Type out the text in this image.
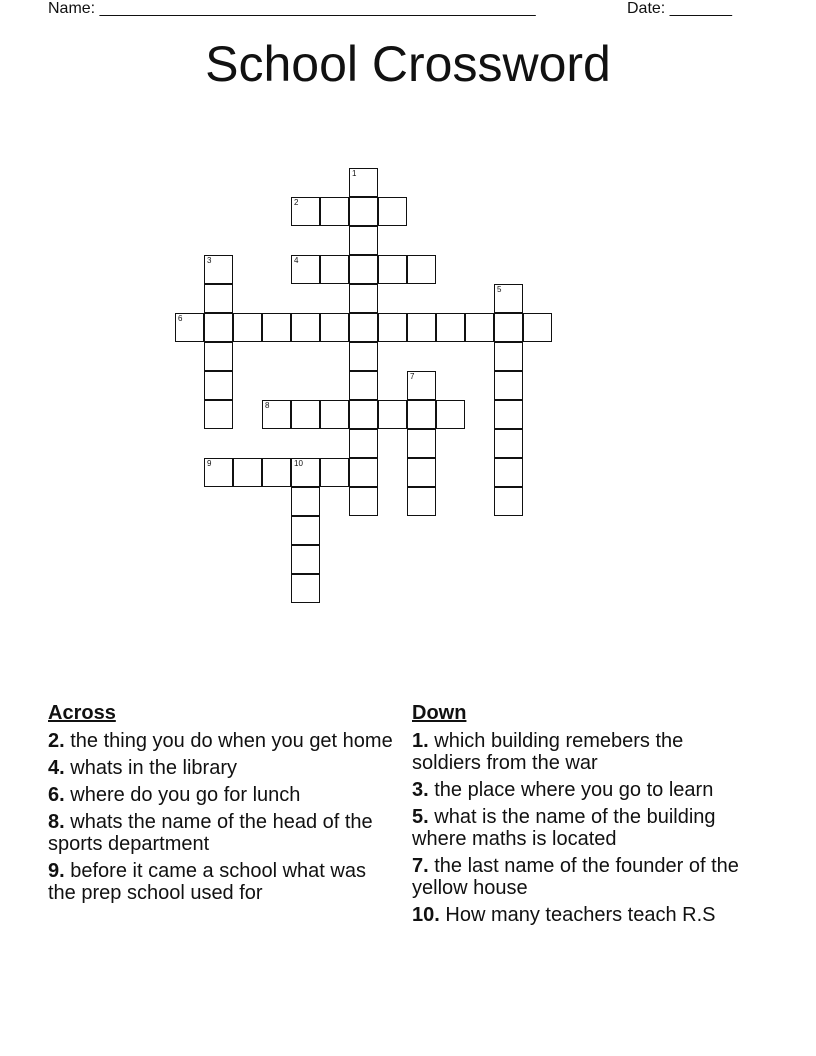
Name: _________________________________________________	Date: _______
School Crossword
1
2
3	4
5
6
7
8
9	10
Across
2. the thing you do when you get home
4. whats in the library
6. where do you go for lunch
8. whats the name of the head of the sports department
9. before it came a school what was the prep school used for
Down
1. which building remebers the soldiers from the war
3. the place where you go to learn
5. what is the name of the building where maths is located
7. the last name of the founder of the yellow house
10. How many teachers teach R.S
